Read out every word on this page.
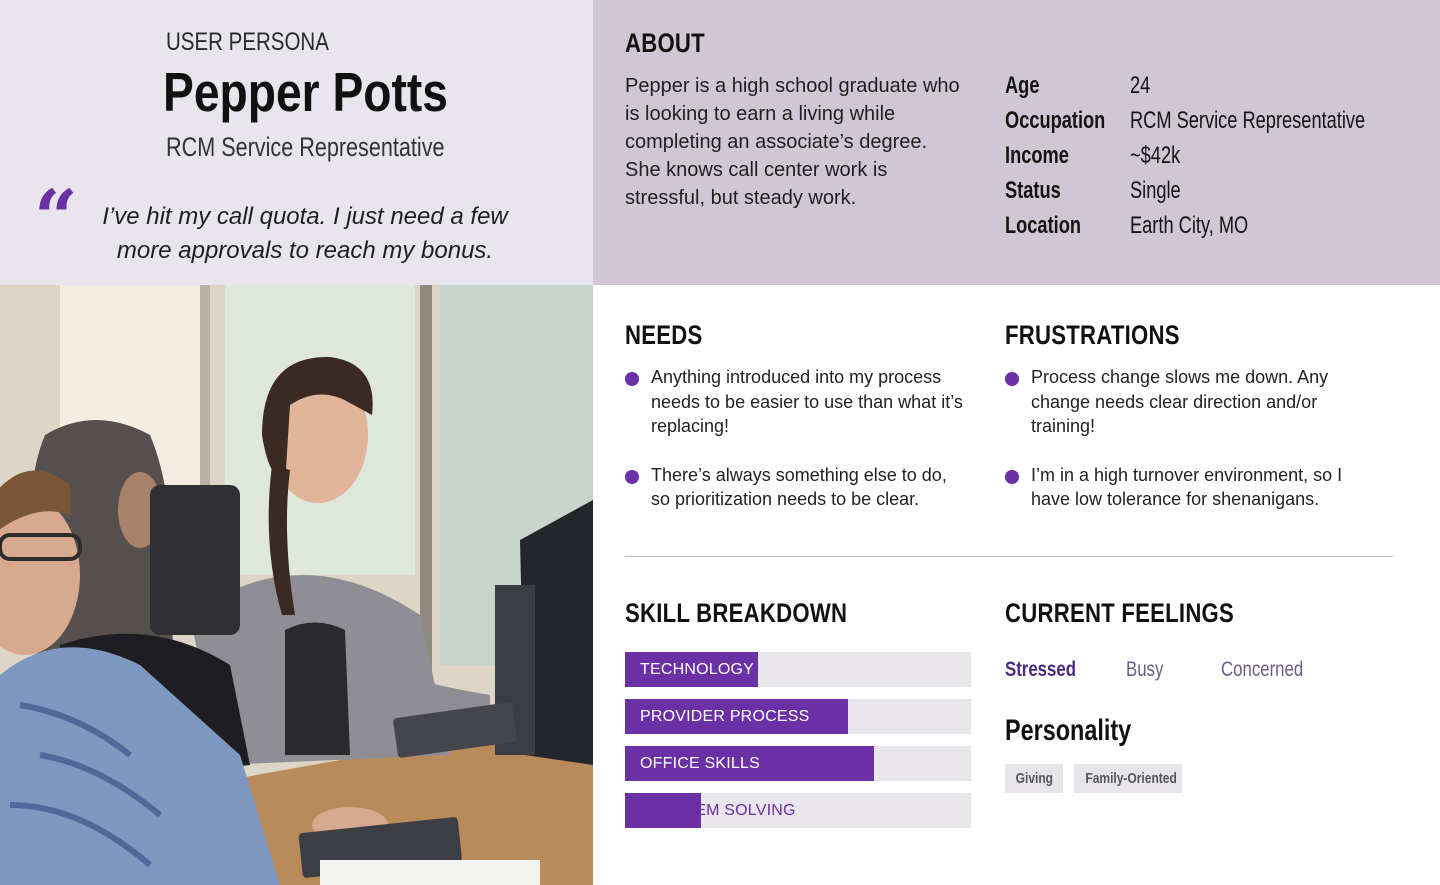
USER PERSONA
Pepper Potts
RCM Service Representative
“	I’ve hit my call quota. I just need a few more approvals to reach my bonus.

ABOUT

Pepper is a high school graduate who is looking to earn a living while completing an associate’s degree. She knows call center work is stressful, but steady work.

Age	24
Occupation RCM Service Representative
Income	~$42k
Status	Single
Location Earth City, MO
NEEDS
Anything introduced into my process needs to be easier to use than what it’s replacing!
There’s always something else to do, so prioritization needs to be clear.
FRUSTRATIONS
Process change slows me down. Any change needs clear direction and/or training!
I’m in a high turnover environment, so I have low tolerance for shenanigans.
SKILL BREAKDOWN
TECHNOLOGY
PROVIDER PROCESS
OFFICE SKILLS
PROBLEM SOLVING
CURRENT FEELINGS
Stressed Busy	Concerned
Personality
Giving	Family-Oriented
